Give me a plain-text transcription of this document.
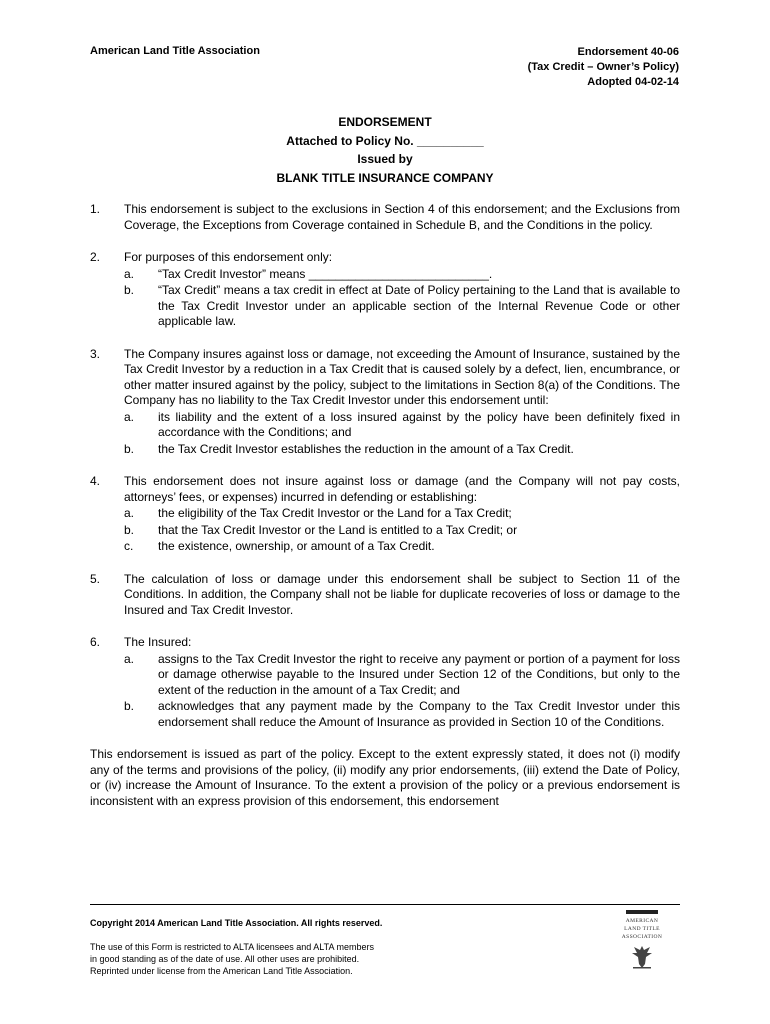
American Land Title Association	Endorsement 40-06
(Tax Credit – Owner’s Policy)
Adopted 04-02-14
ENDORSEMENT
Attached to Policy No. __________
Issued by
BLANK TITLE INSURANCE COMPANY
1. This endorsement is subject to the exclusions in Section 4 of this endorsement; and the Exclusions from Coverage, the Exceptions from Coverage contained in Schedule B, and the Conditions in the policy.
2. For purposes of this endorsement only:
a. “Tax Credit Investor” means ___________________________.
b. “Tax Credit” means a tax credit in effect at Date of Policy pertaining to the Land that is available to the Tax Credit Investor under an applicable section of the Internal Revenue Code or other applicable law.
3. The Company insures against loss or damage, not exceeding the Amount of Insurance, sustained by the Tax Credit Investor by a reduction in a Tax Credit that is caused solely by a defect, lien, encumbrance, or other matter insured against by the policy, subject to the limitations in Section 8(a) of the Conditions. The Company has no liability to the Tax Credit Investor under this endorsement until:
a. its liability and the extent of a loss insured against by the policy have been definitely fixed in accordance with the Conditions; and
b. the Tax Credit Investor establishes the reduction in the amount of a Tax Credit.
4. This endorsement does not insure against loss or damage (and the Company will not pay costs, attorneys’ fees, or expenses) incurred in defending or establishing:
a. the eligibility of the Tax Credit Investor or the Land for a Tax Credit;
b. that the Tax Credit Investor or the Land is entitled to a Tax Credit; or
c. the existence, ownership, or amount of a Tax Credit.
5. The calculation of loss or damage under this endorsement shall be subject to Section 11 of the Conditions. In addition, the Company shall not be liable for duplicate recoveries of loss or damage to the Insured and Tax Credit Investor.
6. The Insured:
a. assigns to the Tax Credit Investor the right to receive any payment or portion of a payment for loss or damage otherwise payable to the Insured under Section 12 of the Conditions, but only to the extent of the reduction in the amount of a Tax Credit; and
b. acknowledges that any payment made by the Company to the Tax Credit Investor under this endorsement shall reduce the Amount of Insurance as provided in Section 10 of the Conditions.
This endorsement is issued as part of the policy. Except to the extent expressly stated, it does not (i) modify any of the terms and provisions of the policy, (ii) modify any prior endorsements, (iii) extend the Date of Policy, or (iv) increase the Amount of Insurance. To the extent a provision of the policy or a previous endorsement is inconsistent with an express provision of this endorsement, this endorsement
Copyright 2014 American Land Title Association. All rights reserved.
The use of this Form is restricted to ALTA licensees and ALTA members
in good standing as of the date of use. All other uses are prohibited.
Reprinted under license from the American Land Title Association.
AMERICAN
LAND TITLE
ASSOCIATION
